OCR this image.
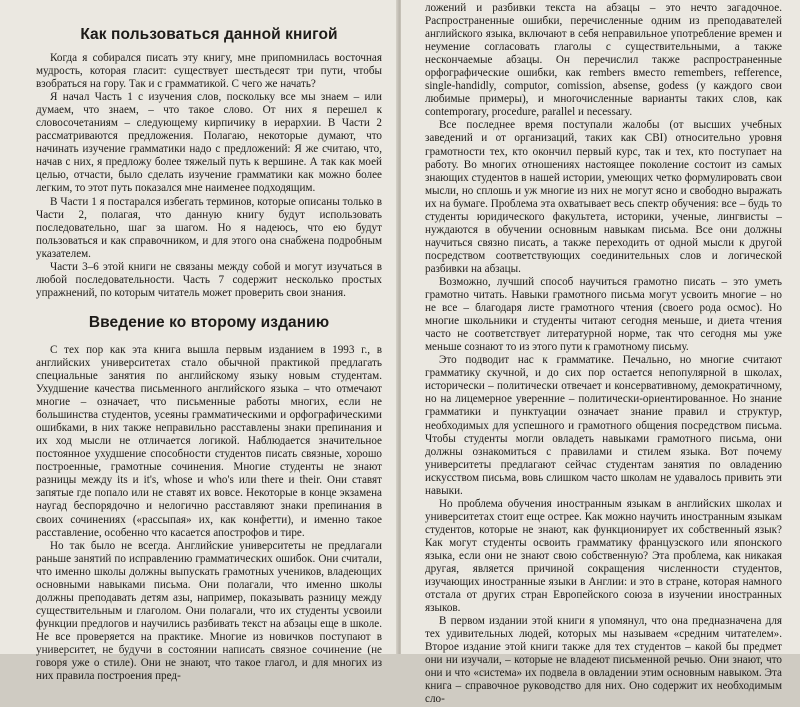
Как пользоваться данной книгой

Когда я собирался писать эту книгу, мне припомнилась восточная мудрость, которая гласит: существует шестьдесят три пути, чтобы взобраться на гору. Так и с грамматикой. С чего же начать?

Я начал Часть 1 с изучения слов, поскольку все мы знаем – или думаем, что знаем, – что такое слово. От них я перешел к словосочетаниям – следующему кирпичику в иерархии. В Части 2 рассматриваются предложения. Полагаю, некоторые думают, что начинать изучение грамматики надо с предложений: Я же считаю, что, начав с них, я предложу более тяжелый путь к вершине. А так как моей целью, отчасти, было сделать изучение грамматики как можно более легким, то этот путь показался мне наименее подходящим.

В Части 1 я постарался избегать терминов, которые описаны только в Части 2, полагая, что данную книгу будут использовать последовательно, шаг за шагом. Но я надеюсь, что ею будут пользоваться и как справочником, и для этого она снабжена подробным указателем.

Части 3–6 этой книги не связаны между собой и могут изучаться в любой последовательности. Часть 7 содержит несколько простых упражнений, по которым читатель может проверить свои знания.

Введение ко второму изданию

С тех пор как эта книга вышла первым изданием в 1993 г., в английских университетах стало обычной практикой предлагать специальные занятия по английскому языку новым студентам. Ухудшение качества письменного английского языка – что отмечают многие – означает, что письменные работы многих, если не большинства студентов, усеяны грамматическими и орфографическими ошибками, в них также неправильно расставлены знаки препинания и их ход мысли не отличается логикой. Наблюдается значительное постоянное ухудшение способности студентов писать связные, хорошо построенные, грамотные сочинения. Многие студенты не знают разницы между its и it's, whose и who's или there и their. Они ставят запятые где попало или не ставят их вовсе. Некоторые в конце экзамена наугад беспорядочно и нелогично расставляют знаки препинания в своих сочинениях («рассыпая» их, как конфетти), и именно такое расставление, особенно что касается апострофов и тире.

Но так было не всегда. Английские университеты не предлагали раньше занятий по исправлению грамматических ошибок. Они считали, что именно школы должны выпускать грамотных учеников, владеющих основными навыками письма. Они полагали, что именно школы должны преподавать детям азы, например, показывать разницу между существительным и глаголом. Они полагали, что их студенты усвоили функции предлогов и научились разбивать текст на абзацы еще в школе. Не все проверяется на практике. Многие из новичков поступают в университет, не будучи в состоянии написать связное сочинение (не говоря уже о стиле). Они не знают, что такое глагол, и для многих из них правила построения пред-

ложений и разбивки текста на абзацы – это нечто загадочное. Распространенные ошибки, перечисленные одним из преподавателей английского языка, включают в себя неправильное употребление времен и неумение согласовать глаголы с существительными, а также нескончаемые абзацы. Он перечислил также распространенные орфографические ошибки, как rembers вместо remembers, refference, single-handidly, computor, comission, absense, godess (у каждого свои любимые примеры), и многочисленные варианты таких слов, как contemporary, procedure, parallel и necessary.

Все последнее время поступали жалобы (от высших учебных заведений и от организаций, таких как CBI) относительно уровня грамотности тех, кто окончил первый курс, так и тех, кто поступает на работу. Во многих отношениях настоящее поколение состоит из самых знающих студентов в нашей истории, умеющих четко формулировать свои мысли, но сплошь и уж многие из них не могут ясно и свободно выражать их на бумаге. Проблема эта охватывает весь спектр обучения: все – будь то студенты юридического факультета, историки, ученые, лингвисты – нуждаются в обучении основным навыкам письма. Все они должны научиться связно писать, а также переходить от одной мысли к другой посредством соответствующих соединительных слов и логической разбивки на абзацы.

Возможно, лучший способ научиться грамотно писать – это уметь грамотно читать. Навыки грамотного письма могут усвоить многие – но не все – благодаря листе грамотного чтения (своего рода осмос). Но многие школьники и студенты читают сегодня меньше, и диета чтения часто не соответствует литературной норме, так что сегодня мы уже меньше сознают то из этого пути к грамотному письму.

Это подводит нас к грамматике. Печально, но многие считают грамматику скучной, и до сих пор остается непопулярной в школах, исторически – политически отвечает и консервативному, демократичному, но на лицемерное уверенние – политически-ориентированное. Но знание грамматики и пунктуации означает знание правил и структур, необходимых для успешного и грамотного общения посредством письма. Чтобы студенты могли овладеть навыками грамотного письма, они должны ознакомиться с правилами и стилем языка. Вот почему университеты предлагают сейчас студентам занятия по овладению искусством письма, вовь слишком часто школам не удавалось привить эти навыки.

Но проблема обучения иностранным языкам в английских школах и университетах стоит еще острее. Как можно научить иностранным языкам студентов, которые не знают, как функционирует их собственный язык? Как могут студенты освоить грамматику французского или японского языка, если они не знают свою собственную? Эта проблема, как никакая другая, является причиной сокращения численности студентов, изучающих иностранные языки в Англии: и это в стране, которая намного отстала от других стран Европейского союза в изучении иностранных языков.

В первом издании этой книги я упомянул, что она предназначена для тех удивительных людей, которых мы называем «средним читателем». Второе издание этой книги также для тех студентов – какой бы предмет они ни изучали, – которые не владеют письменной речью. Они знают, что они и что «система» их подвела в овладении этим основным навыком. Эта книга – справочное руководство для них. Оно содержит их необходимым сло-
